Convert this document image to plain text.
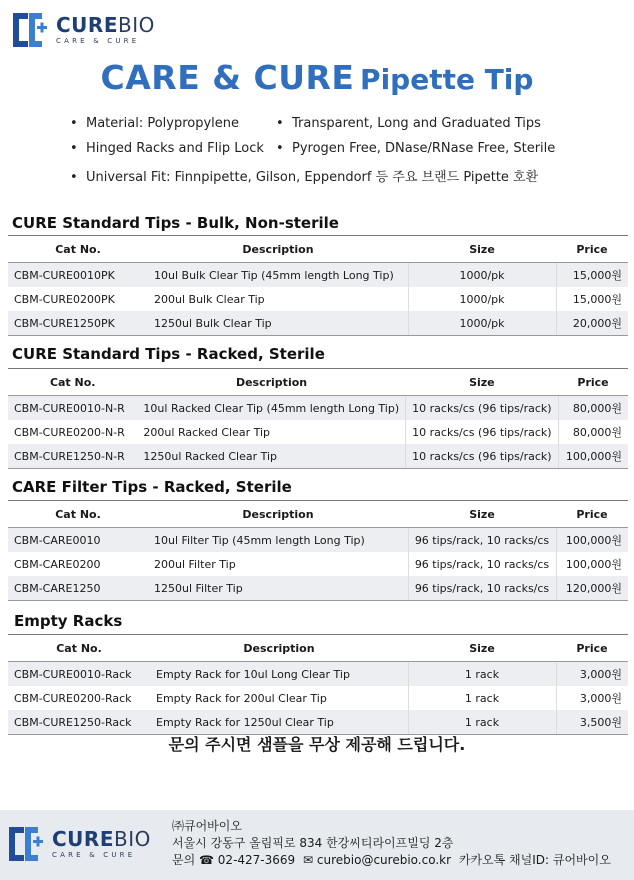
CUREBIO
CARE & CURE
CARE & CURE Pipette Tip
• Material: Polypropylene	• Transparent, Long and Graduated Tips
• Hinged Racks and Flip Lock	• Pyrogen Free, DNase/RNase Free, Sterile
• Universal Fit: Finnpipette, Gilson, Eppendorf 등 주요 브랜드 Pipette 호환
CURE Standard Tips - Bulk, Non-sterile
Cat No.	Description	Size	Price
CBM-CURE0010PK	10ul Bulk Clear Tip (45mm length Long Tip)	1000/pk	15,000원
CBM-CURE0200PK	200ul Bulk Clear Tip	1000/pk	15,000원
CBM-CURE1250PK	1250ul Bulk Clear Tip	1000/pk	20,000원
CURE Standard Tips - Racked, Sterile
Cat No.	Description	Size	Price
CBM-CURE0010-N-R	10ul Racked Clear Tip (45mm length Long Tip)	10 racks/cs (96 tips/rack)	80,000원
CBM-CURE0200-N-R	200ul Racked Clear Tip	10 racks/cs (96 tips/rack)	80,000원
CBM-CURE1250-N-R	1250ul Racked Clear Tip	10 racks/cs (96 tips/rack)	100,000원
CARE Filter Tips - Racked, Sterile
Cat No.	Description	Size	Price
CBM-CARE0010	10ul Filter Tip (45mm length Long Tip)	96 tips/rack, 10 racks/cs	100,000원
CBM-CARE0200	200ul Filter Tip	96 tips/rack, 10 racks/cs	100,000원
CBM-CARE1250	1250ul Filter Tip	96 tips/rack, 10 racks/cs	120,000원
Empty Racks
Cat No.	Description	Size	Price
CBM-CURE0010-Rack	Empty Rack for 10ul Long Clear Tip	1 rack	3,000원
CBM-CURE0200-Rack	Empty Rack for 200ul Clear Tip	1 rack	3,000원
CBM-CURE1250-Rack	Empty Rack for 1250ul Clear Tip	1 rack	3,500원
문의 주시면 샘플을 무상 제공해 드립니다.
CUREBIO
CARE & CURE
㈜큐어바이오
서울시 강동구 올림픽로 834 한강씨티라이프빌딩 2층
문의 ☎ 02-427-3669 ✉ curebio@curebio.co.kr 카카오톡 채널ID: 큐어바이오
